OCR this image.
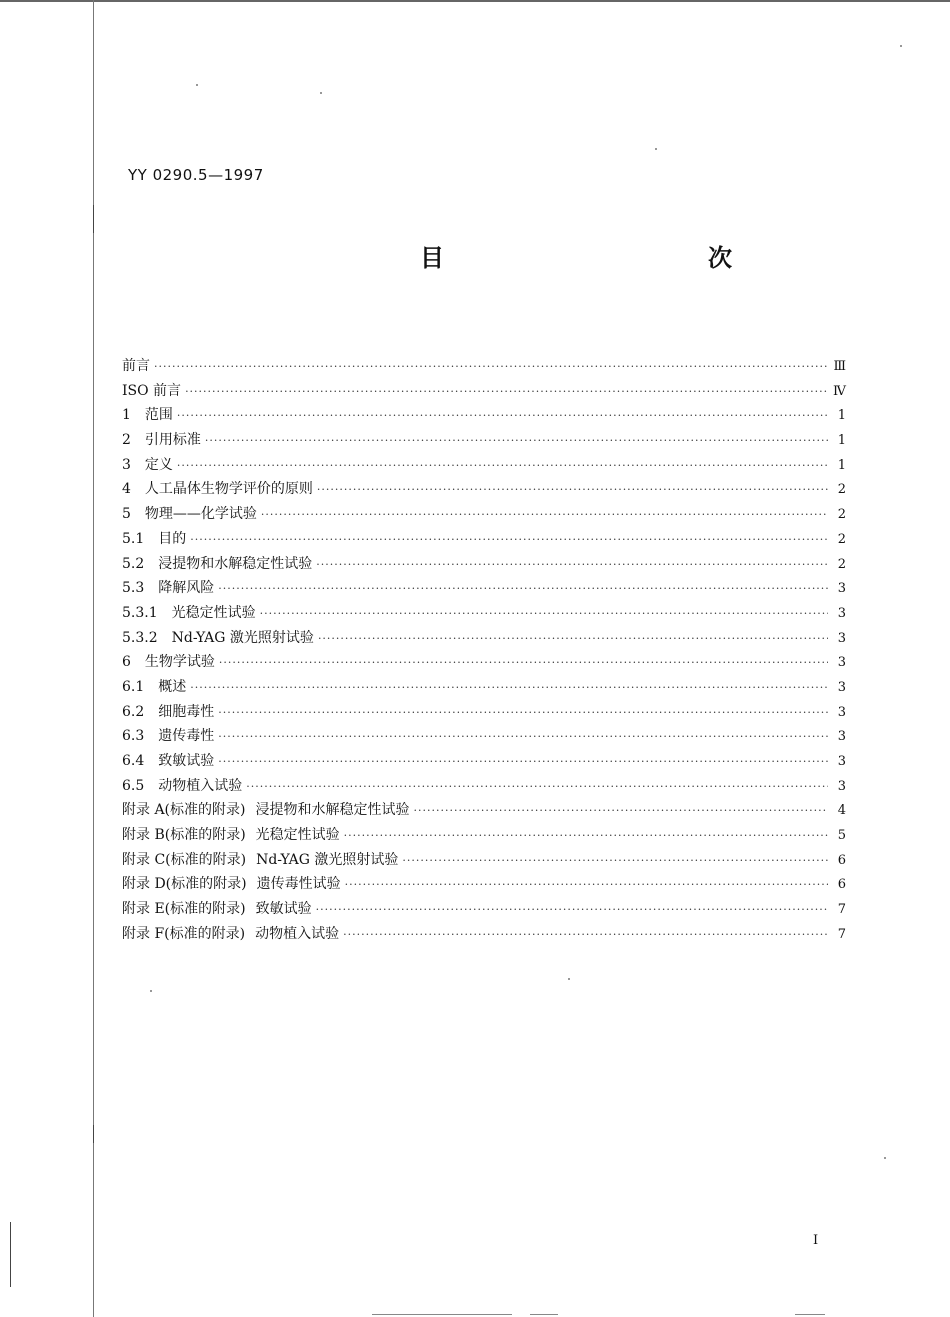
YY 0290.5—1997
目　　次
前言 ·····	Ⅲ
ISO 前言 ·····	Ⅳ
1 范围 ·····	1
2 引用标准 ·····	1
3 定义 ·····	1
4 人工晶体生物学评价的原则 ·····	2
5 物理——化学试验 ·····	2
5.1 目的 ·····	2
5.2 浸提物和水解稳定性试验 ·····	2
5.3 降解风险 ·····	3
5.3.1 光稳定性试验 ·····	3
5.3.2 Nd-YAG 激光照射试验 ·····	3
6 生物学试验 ·····	3
6.1 概述 ·····	3
6.2 细胞毒性 ·····	3
6.3 遗传毒性 ·····	3
6.4 致敏试验 ·····	3
6.5 动物植入试验 ·····	3
附录 A(标准的附录) 浸提物和水解稳定性试验 ·····	4
附录 B(标准的附录) 光稳定性试验 ·····	5
附录 C(标准的附录) Nd-YAG 激光照射试验 ·····	6
附录 D(标准的附录) 遗传毒性试验 ·····	6
附录 E(标准的附录) 致敏试验 ·····	7
附录 F(标准的附录) 动物植入试验 ·····	7
I
